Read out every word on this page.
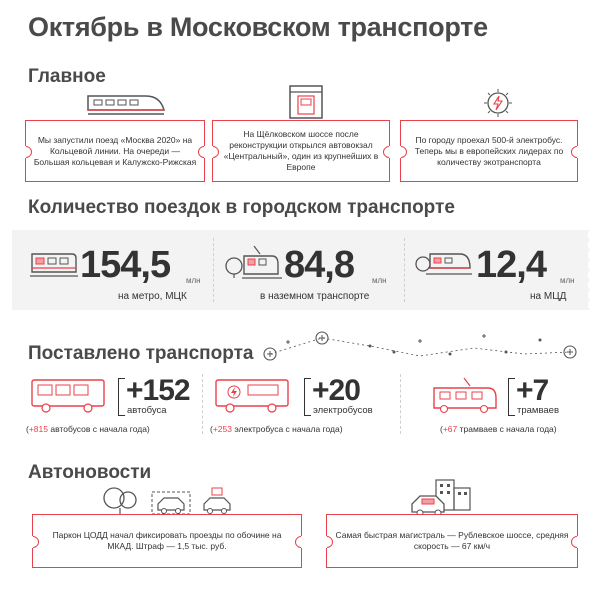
Октябрь в Московском транспорте
Главное
Мы запустили поезд «Москва 2020» на Кольцевой линии. На очереди — Большая кольцевая и Калужско-Рижская
На Щёлковском шоссе после реконструкции открылся автовокзал «Центральный», один из крупнейших в Европе
По городу проехал 500-й электробус. Теперь мы в европейских лидерах по количеству экотранспорта
Количество поездок в городском транспорте
154,5 млн
на метро, МЦК
84,8 млн
в наземном транспорте
12,4 млн
на МЦД
Поставлено транспорта
+152
автобуса
(+815 автобусов с начала года)
+20
электробусов
(+253 электробуса с начала года)
+7
трамваев
(+67 трамваев с начала года)
Автоновости
Паркон ЦОДД начал фиксировать проезды по обочине на МКАД. Штраф — 1,5 тыс. руб.
Самая быстрая магистраль — Рублевское шоссе, средняя скорость — 67 км/ч
